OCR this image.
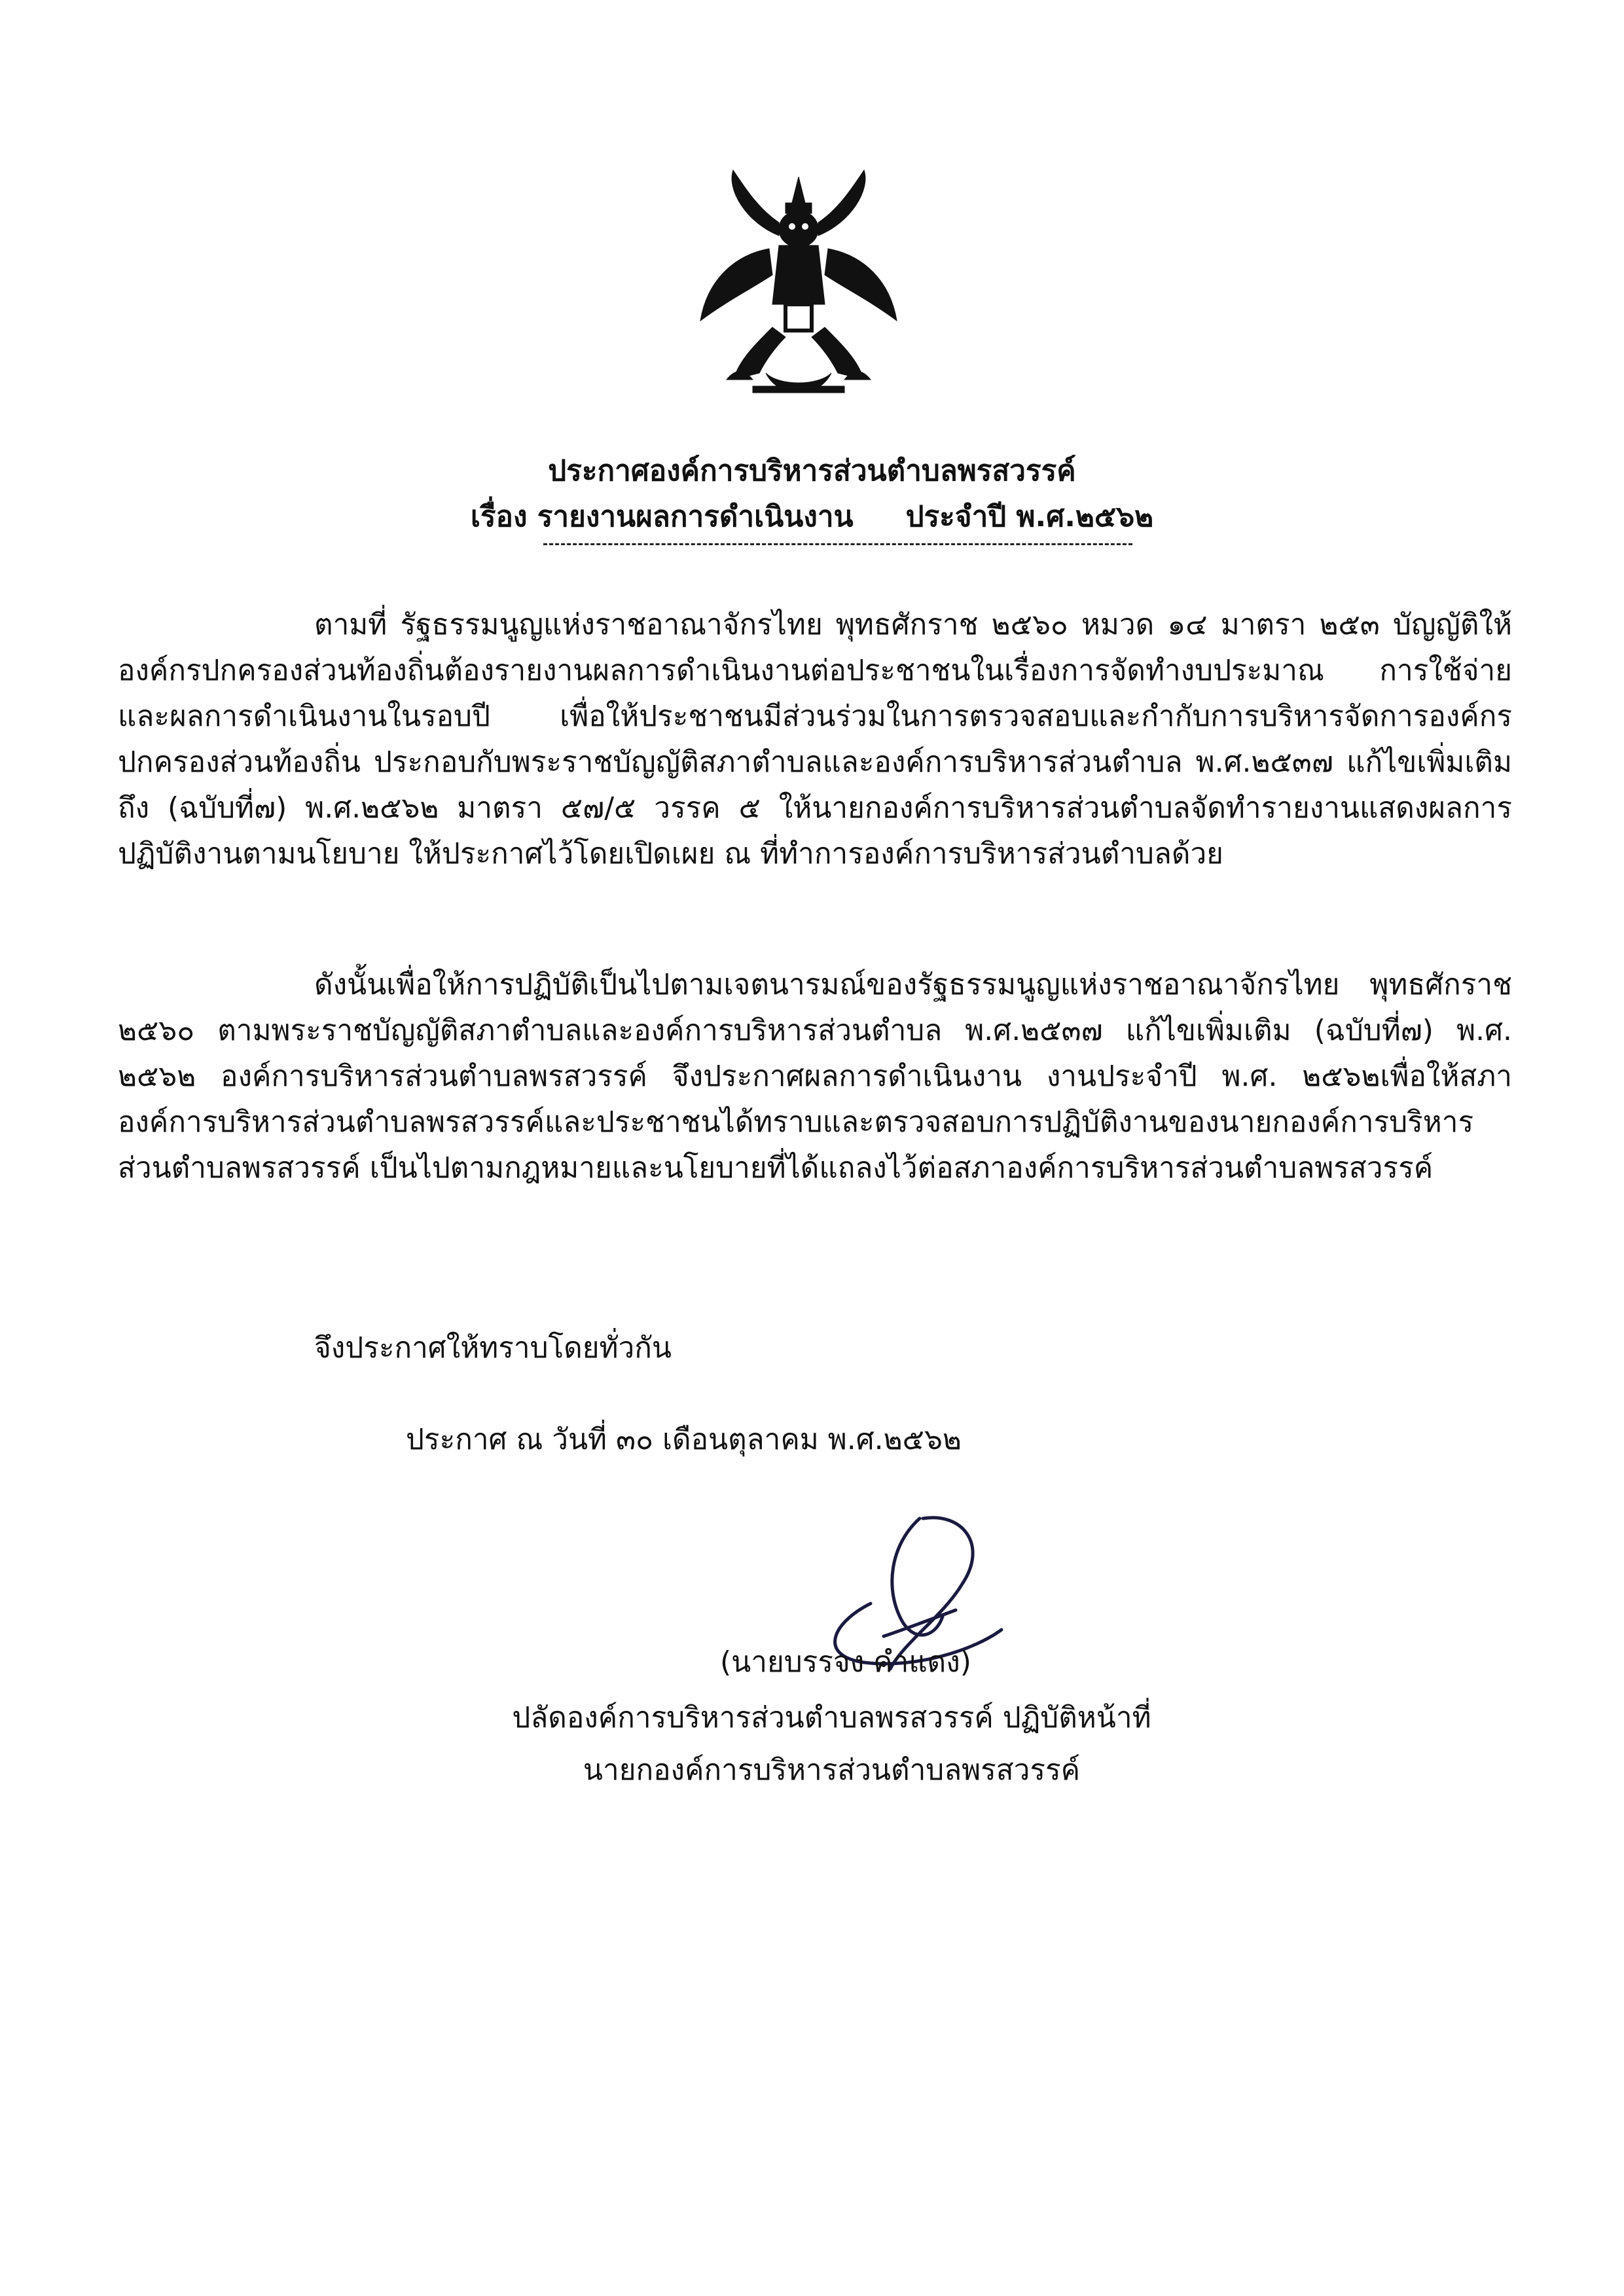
ประกาศองค์การบริหารส่วนตำบลพรสวรรค์
เรื่อง รายงานผลการดำเนินงาน ประจำปี พ.ศ.๒๕๖๒

ตามที่ รัฐธรรมนูญแห่งราชอาณาจักรไทย พุทธศักราช ๒๕๖๐ หมวด ๑๔ มาตรา ๒๕๓ บัญญัติให้องค์กรปกครองส่วนท้องถิ่นต้องรายงานผลการดำเนินงานต่อประชาชนในเรื่องการจัดทำงบประมาณ การใช้จ่ายและผลการดำเนินงานในรอบปี เพื่อให้ประชาชนมีส่วนร่วมในการตรวจสอบและกำกับการบริหารจัดการองค์กรปกครองส่วนท้องถิ่น ประกอบกับพระราชบัญญัติสภาตำบลและองค์การบริหารส่วนตำบล พ.ศ.๒๕๓๗ แก้ไขเพิ่มเติมถึง (ฉบับที่๗) พ.ศ.๒๕๖๒ มาตรา ๕๗/๕ วรรค ๕ ให้นายกองค์การบริหารส่วนตำบลจัดทำรายงานแสดงผลการปฏิบัติงานตามนโยบาย ให้ประกาศไว้โดยเปิดเผย ณ ที่ทำการองค์การบริหารส่วนตำบลด้วย

ดังนั้นเพื่อให้การปฏิบัติเป็นไปตามเจตนารมณ์ของรัฐธรรมนูญแห่งราชอาณาจักรไทย พุทธศักราช ๒๕๖๐ ตามพระราชบัญญัติสภาตำบลและองค์การบริหารส่วนตำบล พ.ศ.๒๕๓๗ แก้ไขเพิ่มเติม (ฉบับที่๗) พ.ศ. ๒๕๖๒ องค์การบริหารส่วนตำบลพรสวรรค์ จึงประกาศผลการดำเนินงาน งานประจำปี พ.ศ. ๒๕๖๒เพื่อให้สภาองค์การบริหารส่วนตำบลพรสวรรค์และประชาชนได้ทราบและตรวจสอบการปฏิบัติงานของนายกองค์การบริหารส่วนตำบลพรสวรรค์ เป็นไปตามกฎหมายและนโยบายที่ได้แถลงไว้ต่อสภาองค์การบริหารส่วนตำบลพรสวรรค์

จึงประกาศให้ทราบโดยทั่วกัน
ประกาศ ณ วันที่ ๓๐ เดือนตุลาคม พ.ศ.๒๕๖๒
(นายบรรจง คำแดง)
ปลัดองค์การบริหารส่วนตำบลพรสวรรค์ ปฏิบัติหน้าที่
นายกองค์การบริหารส่วนตำบลพรสวรรค์
